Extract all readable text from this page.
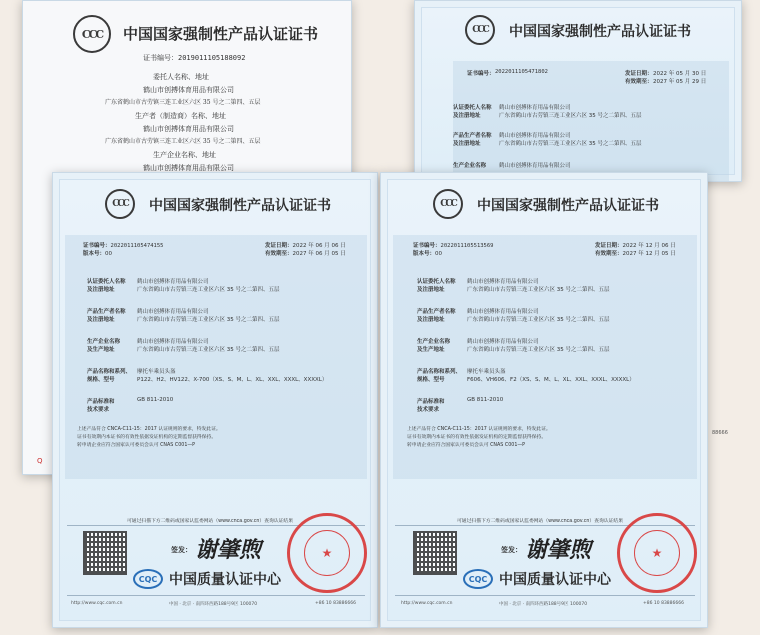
CCC 中国国家强制性产品认证证书
证书编号：2019011105188092
委托人名称、地址
鹤山市创搏体育用品有限公司
广东省鹤山市古劳镇三连工业区六区 35 号之二第四、五层
生产者（制造商）名称、地址
鹤山市创搏体育用品有限公司
广东省鹤山市古劳镇三连工业区六区 35 号之二第四、五层
生产企业名称、地址
鹤山市创搏体育用品有限公司
Q
CCC 中国国家强制性产品认证证书
证书编号： 2022011105471802	发证日期： 2022 年 05 月 30 日
有效期至： 2027 年 05 月 29 日
认证委托人名称
及注册地址
鹤山市创搏体育用品有限公司
广东省鹤山市古劳镇三连工业区六区 35 号之二第四、五层
产品生产者名称
及注册地址
鹤山市创搏体育用品有限公司
广东省鹤山市古劳镇三连工业区六区 35 号之二第四、五层
生产企业名称 鹤山市创搏体育用品有限公司
88666
CCC 中国国家强制性产品认证证书
证书编号：2022011105474155
版本号：00
发证日期：2022 年 06 月 06 日
有效期至：2027 年 06 月 05 日
认证委托人名称
及注册地址
鹤山市创搏体育用品有限公司
广东省鹤山市古劳镇三连工业区六区 35 号之二第四、五层
产品生产者名称
及注册地址
鹤山市创搏体育用品有限公司
广东省鹤山市古劳镇三连工业区六区 35 号之二第四、五层
生产企业名称
及生产地址
鹤山市创搏体育用品有限公司
广东省鹤山市古劳镇三连工业区六区 35 号之二第四、五层
产品名称和系列、
规格、型号
摩托车乘员头盔
P122、H2、HV122、X-700（XS、S、M、L、XL、XXL、XXXL、XXXXL）
产品标准和
技术要求
GB 811-2010
上述产品符合 CNCA-C11-15：2017 认证规则的要求，特发此证。
证书有效期内本证书的有效性依据发证机构的定期监督获得保持。
转申请企业应符合国家认可委员会认可 CNAS C001—P
可通过扫描下方二维码或国家认监委网站（www.cnca.gov.cn）查询认证结果
签发： 谢肇煦	★
CQC 中国质量认证中心
http://www.cqc.com.cn	中国 · 北京 · 南四环西路188号9区 100070	+86 10 83886666
CCC 中国国家强制性产品认证证书
证书编号：2022011105513569
版本号：00
发证日期：2022 年 12 月 06 日
有效期至：2027 年 12 月 05 日
认证委托人名称
及注册地址
鹤山市创搏体育用品有限公司
广东省鹤山市古劳镇三连工业区六区 35 号之二第四、五层
产品生产者名称
及注册地址
鹤山市创搏体育用品有限公司
广东省鹤山市古劳镇三连工业区六区 35 号之二第四、五层
生产企业名称
及生产地址
鹤山市创搏体育用品有限公司
广东省鹤山市古劳镇三连工业区六区 35 号之二第四、五层
产品名称和系列、
规格、型号
摩托车乘员头盔
F606、VH606、F2（XS、S、M、L、XL、XXL、XXXL、XXXXL）
产品标准和
技术要求
GB 811-2010
上述产品符合 CNCA-C11-15：2017 认证规则的要求，特发此证。
证书有效期内本证书的有效性依据发证机构的定期监督获得保持。
转申请企业应符合国家认可委员会认可 CNAS C001—P
可通过扫描下方二维码或国家认监委网站（www.cnca.gov.cn）查询认证结果
签发： 谢肇煦	★
CQC 中国质量认证中心
http://www.cqc.com.cn	中国 · 北京 · 南四环西路188号9区 100070	+86 10 83886666
